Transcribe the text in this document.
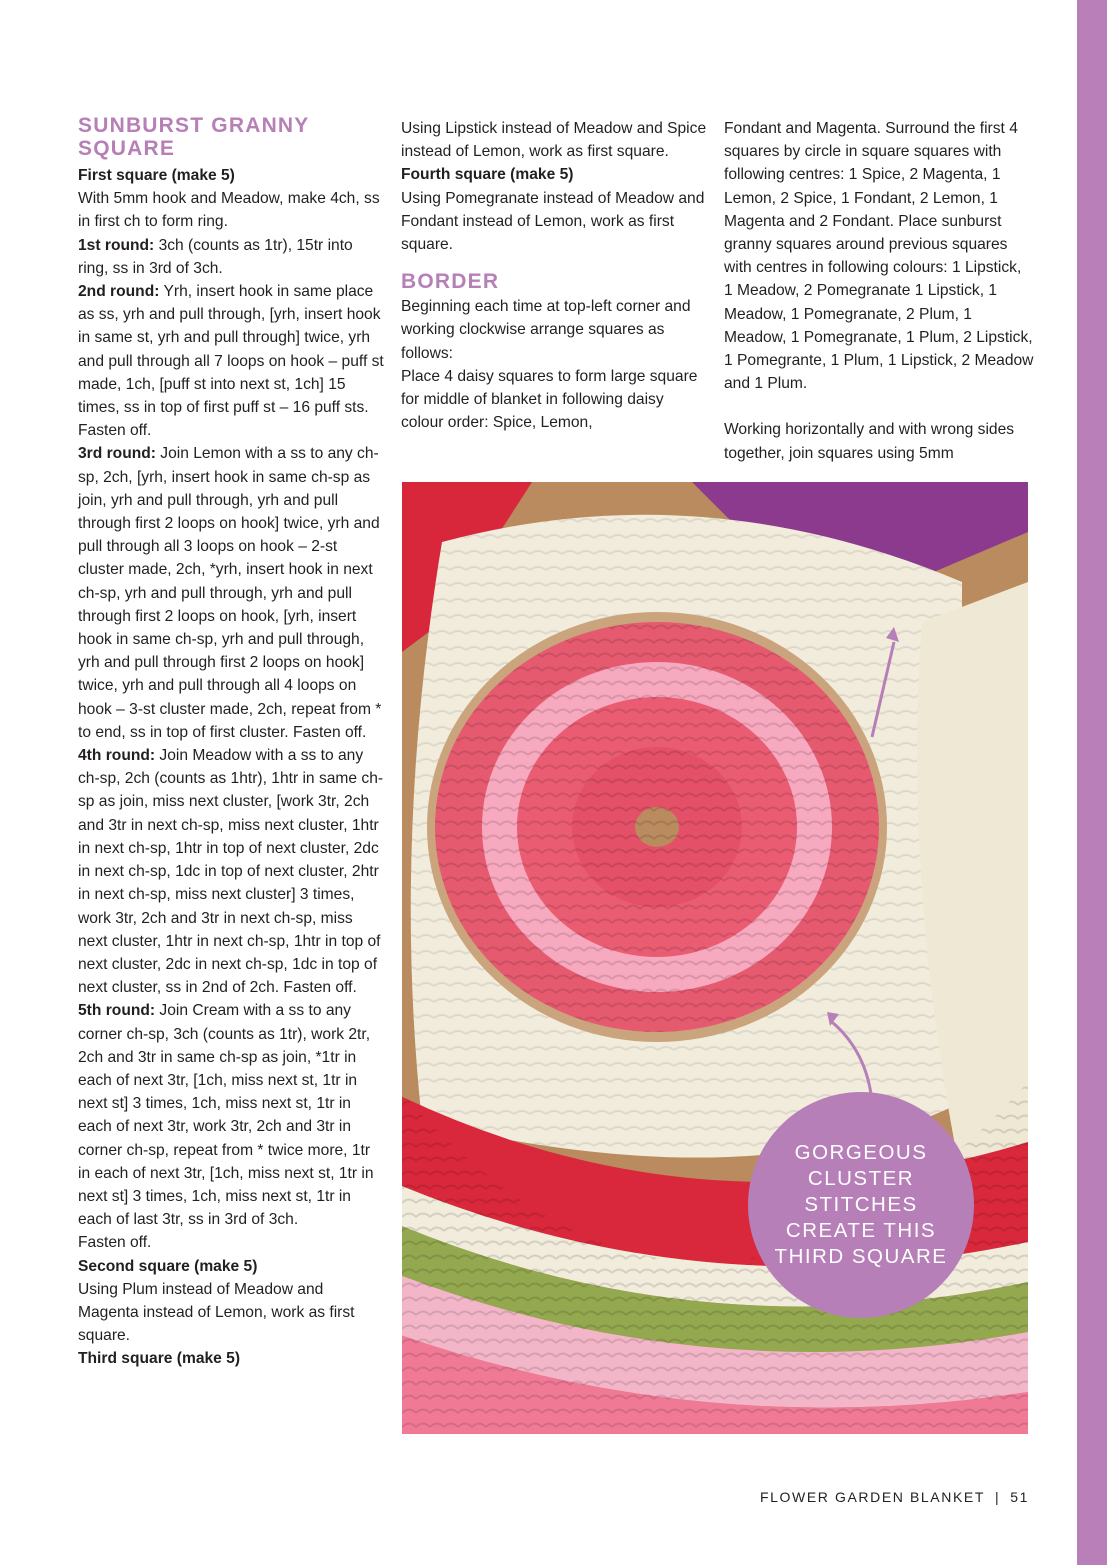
SUNBURST GRANNY SQUARE

First square (make 5)

With 5mm hook and Meadow, make 4ch, ss in first ch to form ring.

1st round: 3ch (counts as 1tr), 15tr into ring, ss in 3rd of 3ch.

2nd round: Yrh, insert hook in same place as ss, yrh and pull through, [yrh, insert hook in same st, yrh and pull through] twice, yrh and pull through all 7 loops on hook – puff st made, 1ch, [puff st into next st, 1ch] 15 times, ss in top of first puff st – 16 puff sts. Fasten off.

3rd round: Join Lemon with a ss to any ch-sp, 2ch, [yrh, insert hook in same ch-sp as join, yrh and pull through, yrh and pull through first 2 loops on hook] twice, yrh and pull through all 3 loops on hook – 2-st cluster made, 2ch, *yrh, insert hook in next ch-sp, yrh and pull through, yrh and pull through first 2 loops on hook, [yrh, insert hook in same ch-sp, yrh and pull through, yrh and pull through first 2 loops on hook] twice, yrh and pull through all 4 loops on hook – 3-st cluster made, 2ch, repeat from * to end, ss in top of first cluster. Fasten off.

4th round: Join Meadow with a ss to any ch-sp, 2ch (counts as 1htr), 1htr in same ch-sp as join, miss next cluster, [work 3tr, 2ch and 3tr in next ch-sp, miss next cluster, 1htr in next ch-sp, 1htr in top of next cluster, 2dc in next ch-sp, 1dc in top of next cluster, 2htr in next ch-sp, miss next cluster] 3 times, work 3tr, 2ch and 3tr in next ch-sp, miss next cluster, 1htr in next ch-sp, 1htr in top of next cluster, 2dc in next ch-sp, 1dc in top of next cluster, ss in 2nd of 2ch. Fasten off.

5th round: Join Cream with a ss to any corner ch-sp, 3ch (counts as 1tr), work 2tr, 2ch and 3tr in same ch-sp as join, *1tr in each of next 3tr, [1ch, miss next st, 1tr in next st] 3 times, 1ch, miss next st, 1tr in each of next 3tr, work 3tr, 2ch and 3tr in corner ch-sp, repeat from * twice more, 1tr in each of next 3tr, [1ch, miss next st, 1tr in next st] 3 times, 1ch, miss next st, 1tr in each of last 3tr, ss in 3rd of 3ch.

Fasten off.

Second square (make 5)

Using Plum instead of Meadow and Magenta instead of Lemon, work as first square.

Third square (make 5)

Using Lipstick instead of Meadow and Spice instead of Lemon, work as first square.

Fourth square (make 5)

Using Pomegranate instead of Meadow and Fondant instead of Lemon, work as first square.

BORDER

Beginning each time at top-left corner and working clockwise arrange squares as follows:

Place 4 daisy squares to form large square for middle of blanket in following daisy colour order: Spice, Lemon,

Fondant and Magenta. Surround the first 4 squares by circle in square squares with following centres: 1 Spice, 2 Magenta, 1 Lemon, 2 Spice, 1 Fondant, 2 Lemon, 1 Magenta and 2 Fondant. Place sunburst granny squares around previous squares with centres in following colours: 1 Lipstick, 1 Meadow, 2 Pomegranate 1 Lipstick, 1 Meadow, 1 Pomegranate, 2 Plum, 1 Meadow, 1 Pomegranate, 1 Plum, 2 Lipstick, 1 Pomegrante, 1 Plum, 1 Lipstick, 2 Meadow and 1 Plum.

Working horizontally and with wrong sides together, join squares using 5mm

GORGEOUS CLUSTER STITCHES CREATE THIS THIRD SQUARE
FLOWER GARDEN BLANKET | 51
